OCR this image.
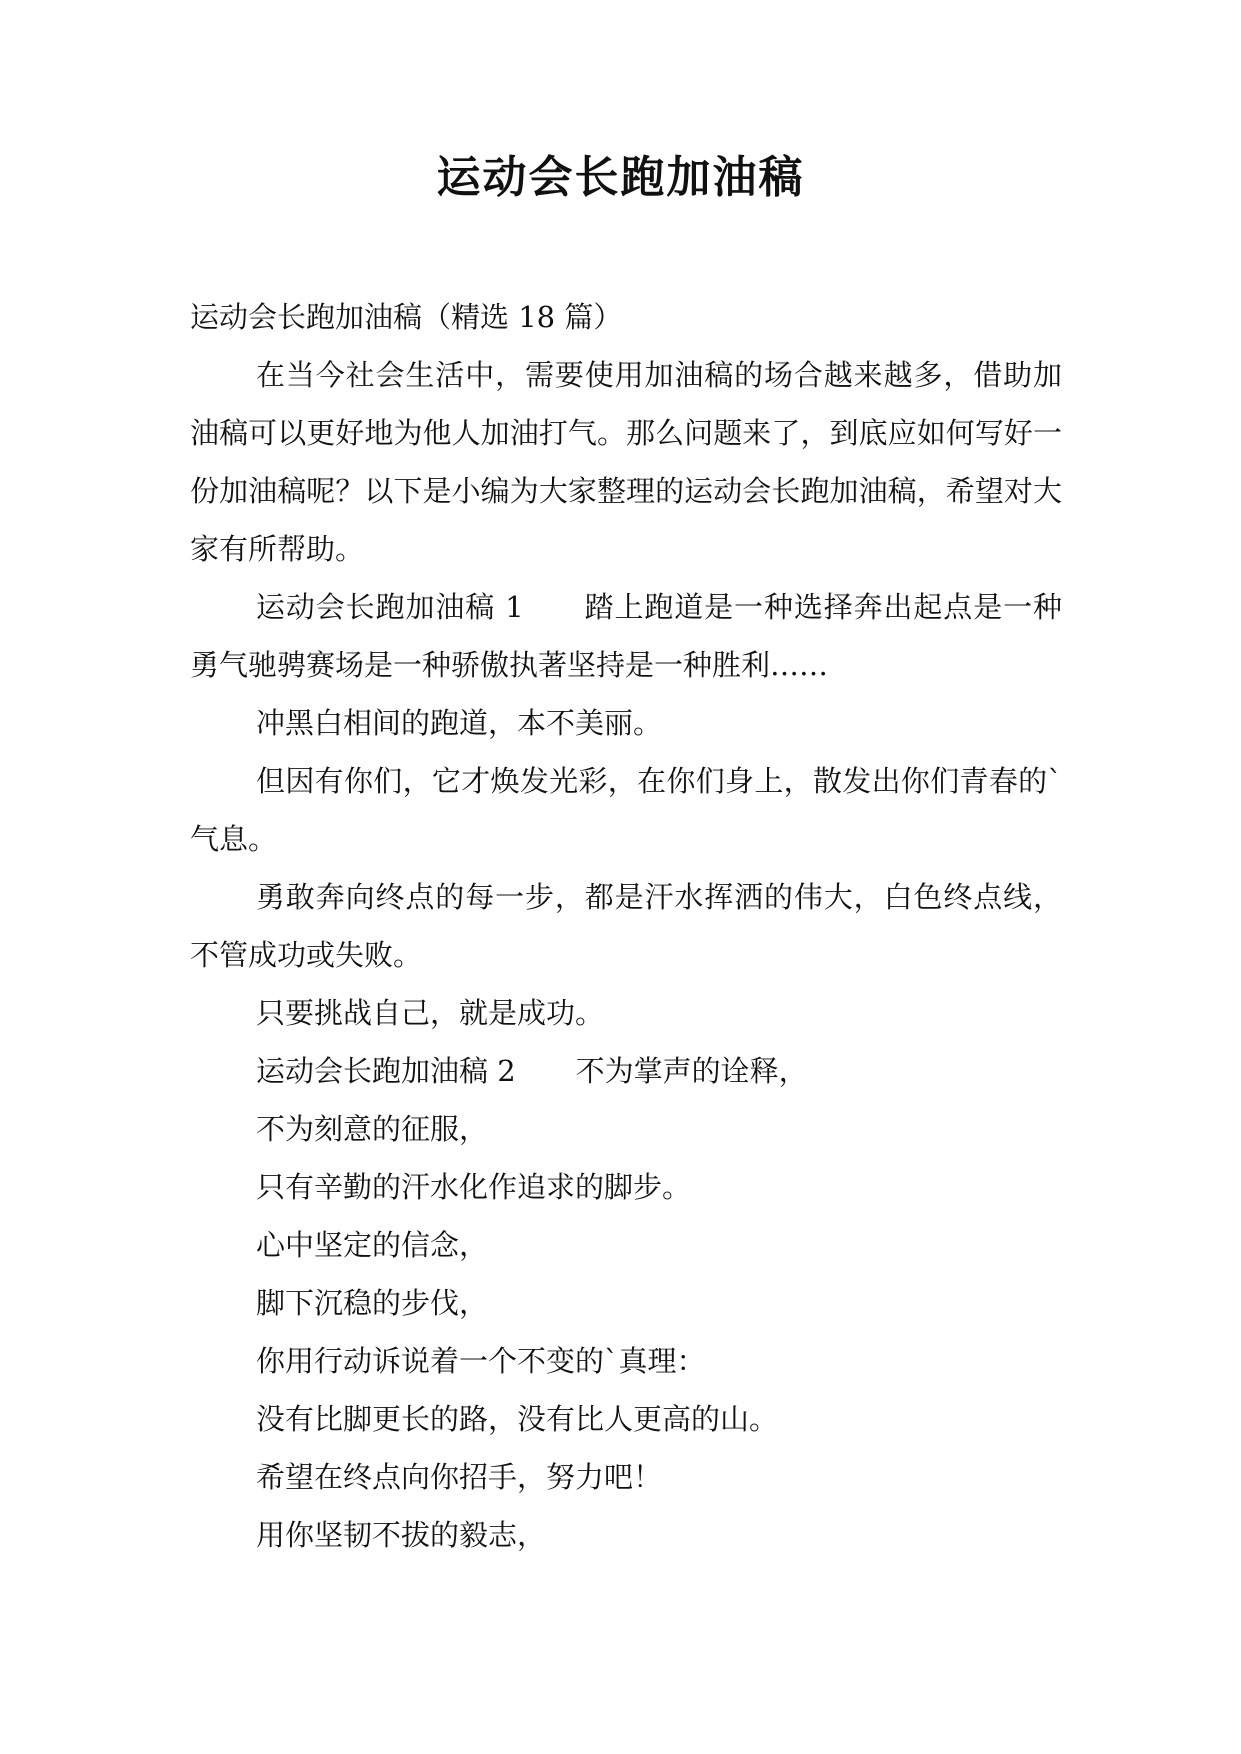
运动会长跑加油稿

运动会长跑加油稿（精选 18 篇）

在当今社会生活中，需要使用加油稿的场合越来越多，借助加油稿可以更好地为他人加油打气。那么问题来了，到底应如何写好一份加油稿呢？以下是小编为大家整理的运动会长跑加油稿，希望对大家有所帮助。

运动会长跑加油稿 1 踏上跑道是一种选择奔出起点是一种勇气驰骋赛场是一种骄傲执著坚持是一种胜利……

冲黑白相间的跑道，本不美丽。

但因有你们，它才焕发光彩，在你们身上，散发出你们青春的`气息。

勇敢奔向终点的每一步，都是汗水挥洒的伟大，白色终点线，不管成功或失败。

只要挑战自己，就是成功。

运动会长跑加油稿 2 不为掌声的诠释，

不为刻意的征服，

只有辛勤的汗水化作追求的脚步。

心中坚定的信念，

脚下沉稳的步伐，

你用行动诉说着一个不变的`真理：

没有比脚更长的路，没有比人更高的山。

希望在终点向你招手，努力吧！

用你坚韧不拔的毅志，
